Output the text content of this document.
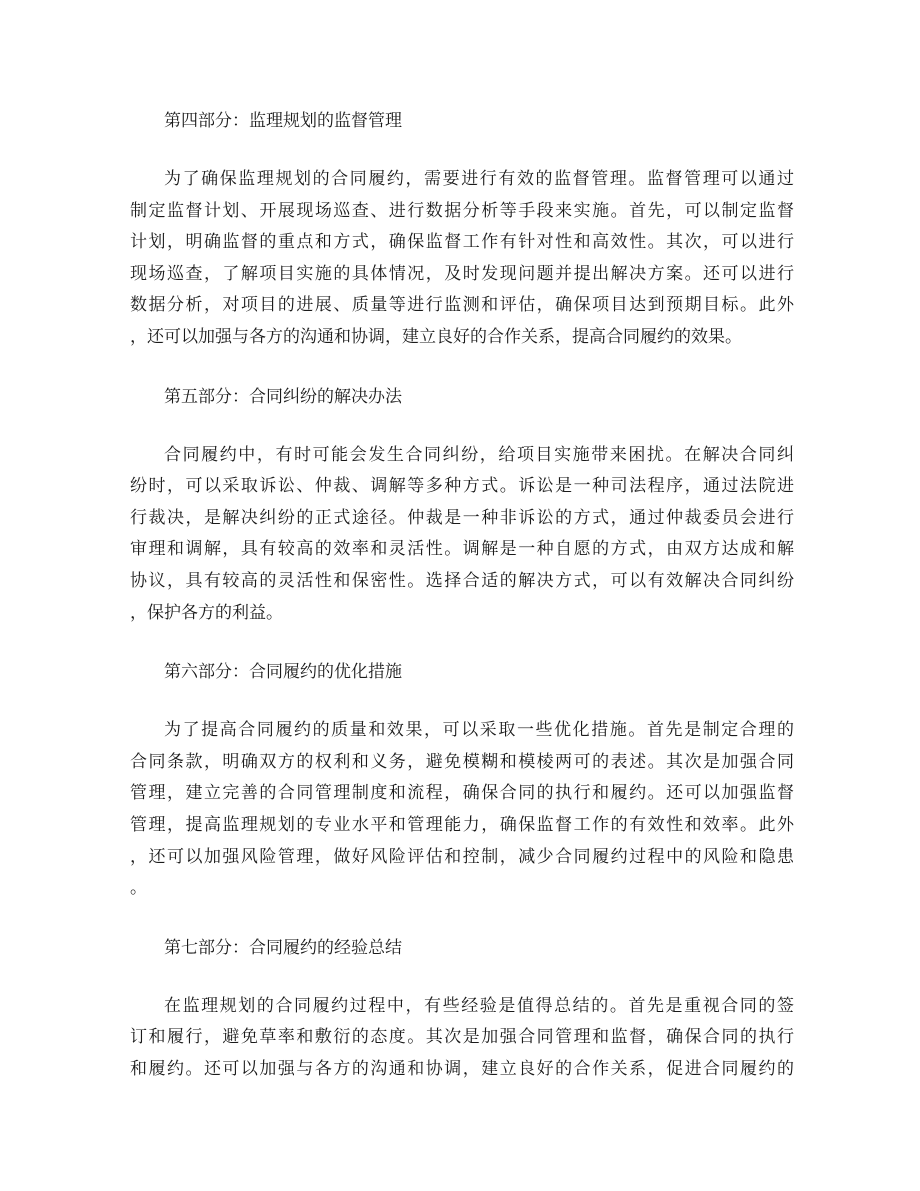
第四部分：监理规划的监督管理

为了确保监理规划的合同履约，需要进行有效的监督管理。监督管理可以通过
制定监督计划、开展现场巡查、进行数据分析等手段来实施。首先，可以制定监督
计划，明确监督的重点和方式，确保监督工作有针对性和高效性。其次，可以进行
现场巡查，了解项目实施的具体情况，及时发现问题并提出解决方案。还可以进行
数据分析，对项目的进展、质量等进行监测和评估，确保项目达到预期目标。此外
，还可以加强与各方的沟通和协调，建立良好的合作关系，提高合同履约的效果。

第五部分：合同纠纷的解决办法

合同履约中，有时可能会发生合同纠纷，给项目实施带来困扰。在解决合同纠
纷时，可以采取诉讼、仲裁、调解等多种方式。诉讼是一种司法程序，通过法院进
行裁决，是解决纠纷的正式途径。仲裁是一种非诉讼的方式，通过仲裁委员会进行
审理和调解，具有较高的效率和灵活性。调解是一种自愿的方式，由双方达成和解
协议，具有较高的灵活性和保密性。选择合适的解决方式，可以有效解决合同纠纷
，保护各方的利益。

第六部分：合同履约的优化措施

为了提高合同履约的质量和效果，可以采取一些优化措施。首先是制定合理的
合同条款，明确双方的权利和义务，避免模糊和模棱两可的表述。其次是加强合同
管理，建立完善的合同管理制度和流程，确保合同的执行和履约。还可以加强监督
管理，提高监理规划的专业水平和管理能力，确保监督工作的有效性和效率。此外
，还可以加强风险管理，做好风险评估和控制，减少合同履约过程中的风险和隐患
。

第七部分：合同履约的经验总结

在监理规划的合同履约过程中，有些经验是值得总结的。首先是重视合同的签
订和履行，避免草率和敷衍的态度。其次是加强合同管理和监督，确保合同的执行
和履约。还可以加强与各方的沟通和协调，建立良好的合作关系，促进合同履约的
